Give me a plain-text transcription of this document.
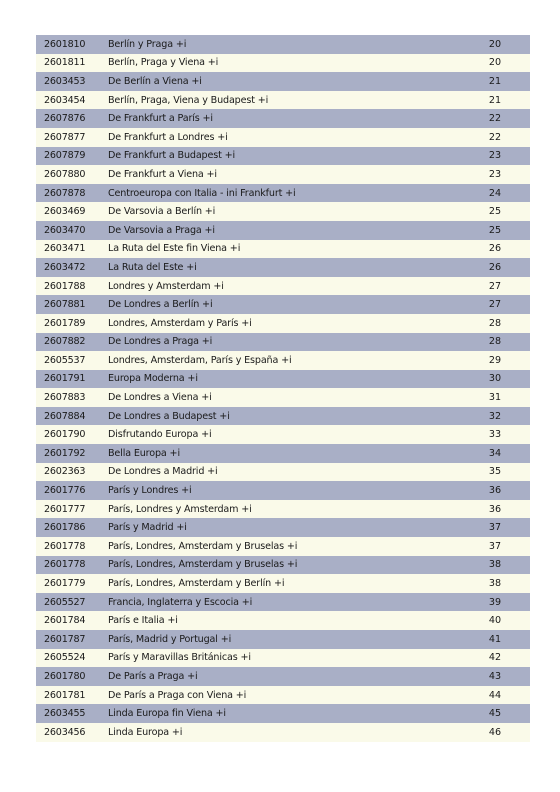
2601810	Berlín y Praga +i	20
2601811	Berlín, Praga y Viena +i	20
2603453	De Berlín a Viena +i	21
2603454	Berlín, Praga, Viena y Budapest +i	21
2607876	De Frankfurt a París +i	22
2607877	De Frankfurt a Londres +i	22
2607879	De Frankfurt a Budapest +i	23
2607880	De Frankfurt a Viena +i	23
2607878	Centroeuropa con Italia - ini Frankfurt +i	24
2603469	De Varsovia a Berlín +i	25
2603470	De Varsovia a Praga +i	25
2603471	La Ruta del Este fin Viena +i	26
2603472	La Ruta del Este +i	26
2601788	Londres y Ámsterdam +i	27
2607881	De Londres a Berlín +i	27
2601789	Londres, Ámsterdam y París +i	28
2607882	De Londres a Praga +i	28
2605537	Londres, Ámsterdam, París y España +i	29
2601791	Europa Moderna +i	30
2607883	De Londres a Viena +i	31
2607884	De Londres a Budapest +i	32
2601790	Disfrutando Europa +i	33
2601792	Bella Europa +i	34
2602363	De Londres a Madrid +i	35
2601776	París y Londres +i	36
2601777	París, Londres y Ámsterdam +i	36
2601786	París y Madrid +i	37
2601778	París, Londres, Ámsterdam y Bruselas +i	37
2601778	París, Londres, Ámsterdam y Bruselas +i	38
2601779	París, Londres, Ámsterdam y Berlín +i	38
2605527	Francia, Inglaterra y Escocia +i	39
2601784	París e Italia +i	40
2601787	París, Madrid y Portugal +i	41
2605524	París y Maravillas Británicas +i	42
2601780	De París a Praga +i	43
2601781	De París a Praga con Viena +i	44
2603455	Linda Europa fin Viena +i	45
2603456	Linda Europa +i	46
